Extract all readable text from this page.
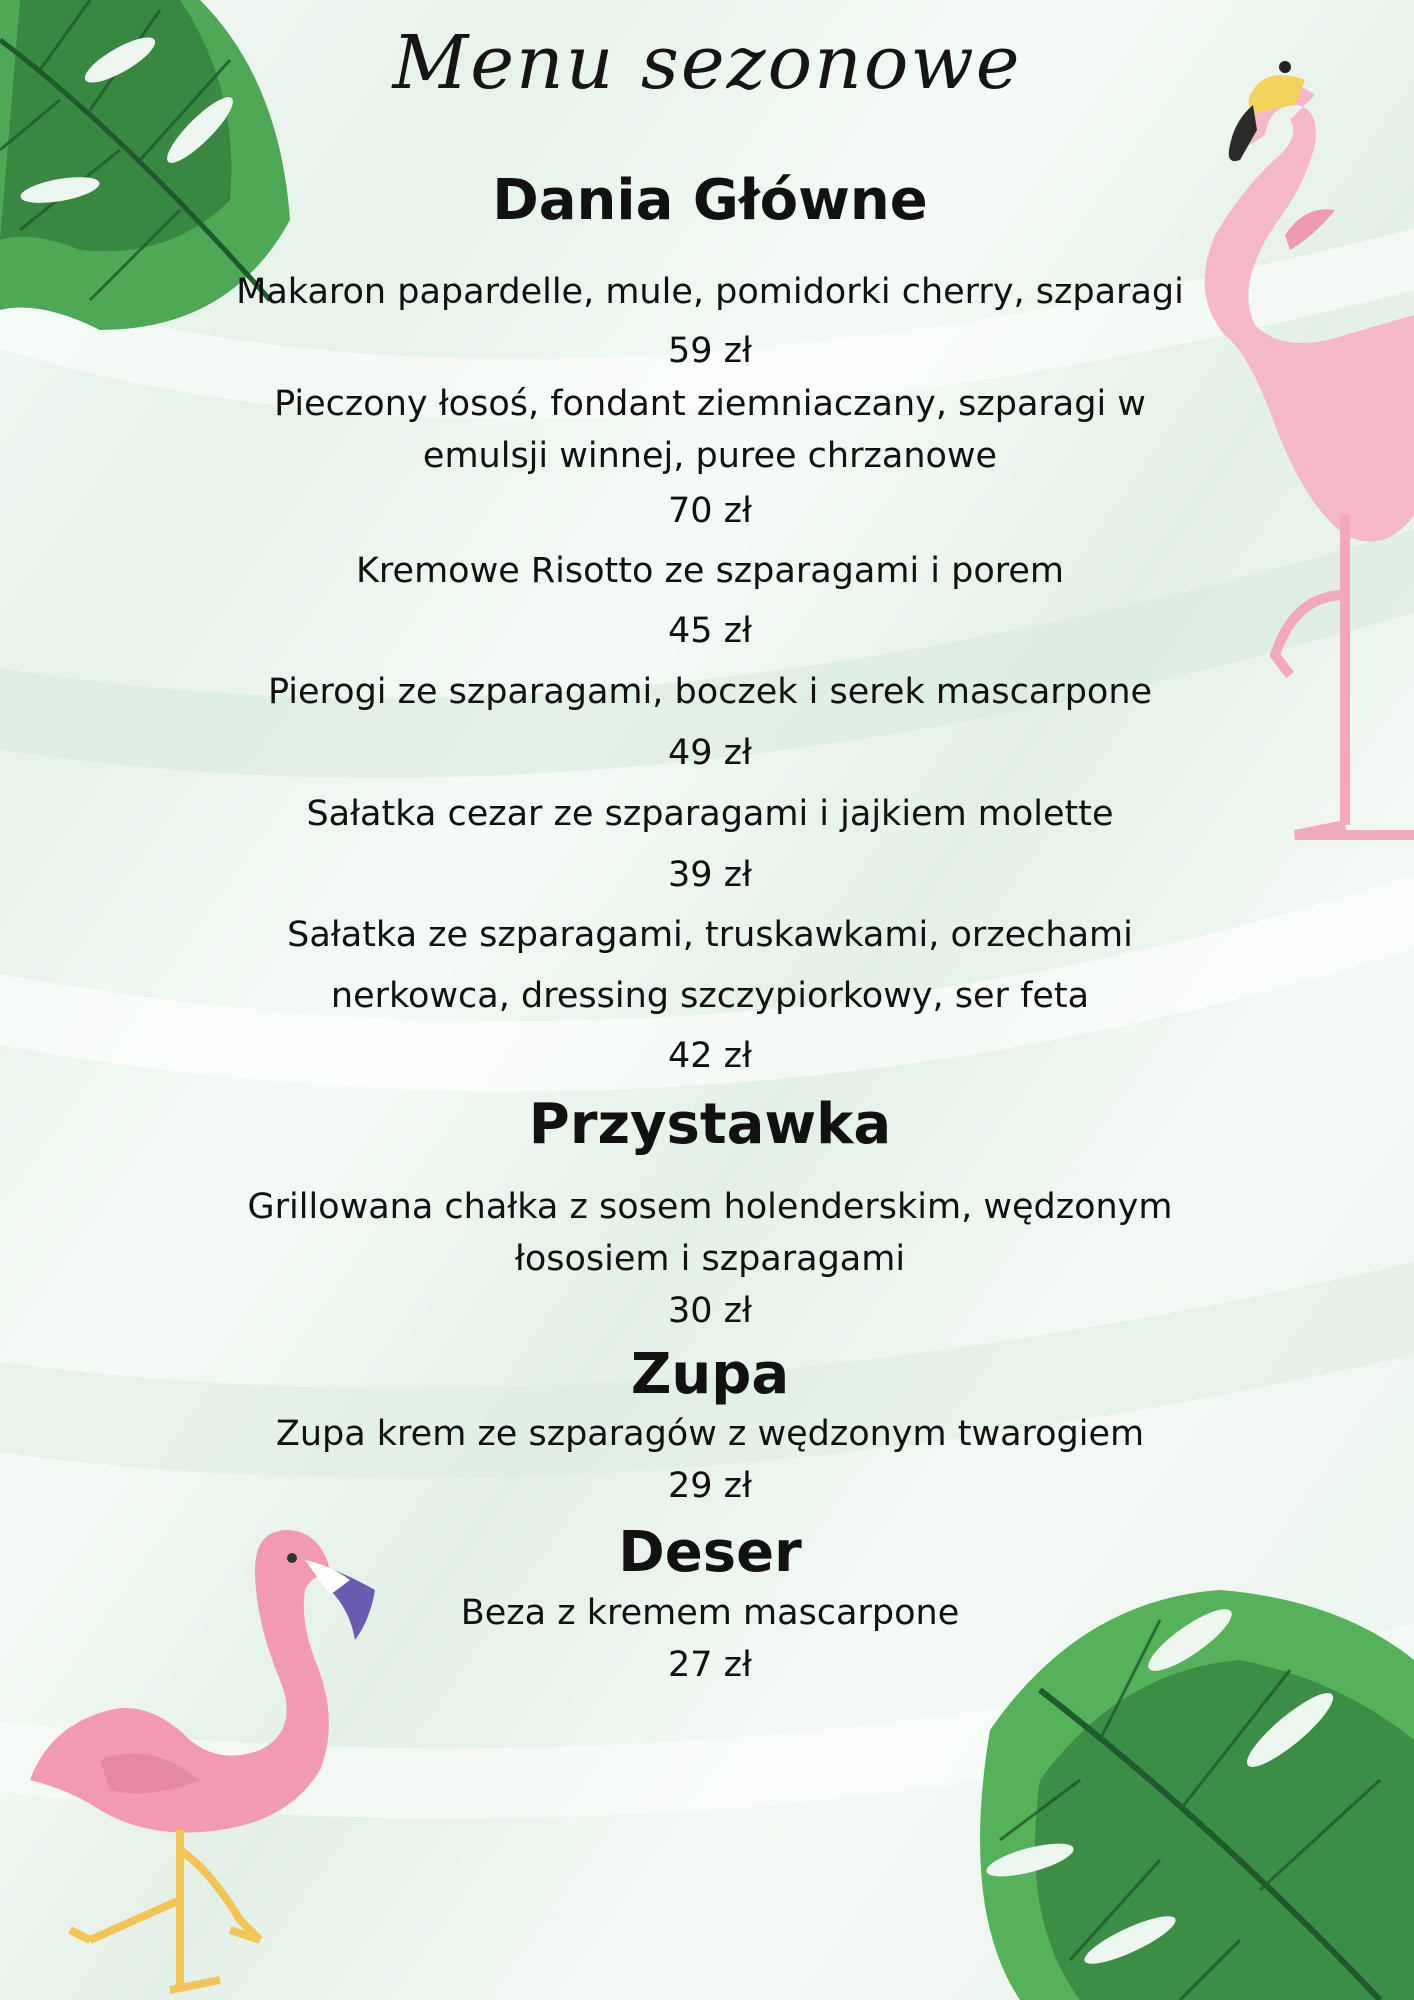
Menu sezonowe
Dania Główne
Makaron papardelle, mule, pomidorki cherry, szparagi
59 zł
Pieczony łosoś, fondant ziemniaczany, szparagi w
emulsji winnej, puree chrzanowe
70 zł
Kremowe Risotto ze szparagami i porem
45 zł
Pierogi ze szparagami, boczek i serek mascarpone
49 zł
Sałatka cezar ze szparagami i jajkiem molette
39 zł
Sałatka ze szparagami, truskawkami, orzechami
nerkowca, dressing szczypiorkowy, ser feta
42 zł
Przystawka
Grillowana chałka z sosem holenderskim, wędzonym
łososiem i szparagami
30 zł
Zupa
Zupa krem ze szparagów z wędzonym twarogiem
29 zł
Deser
Beza z kremem mascarpone
27 zł
